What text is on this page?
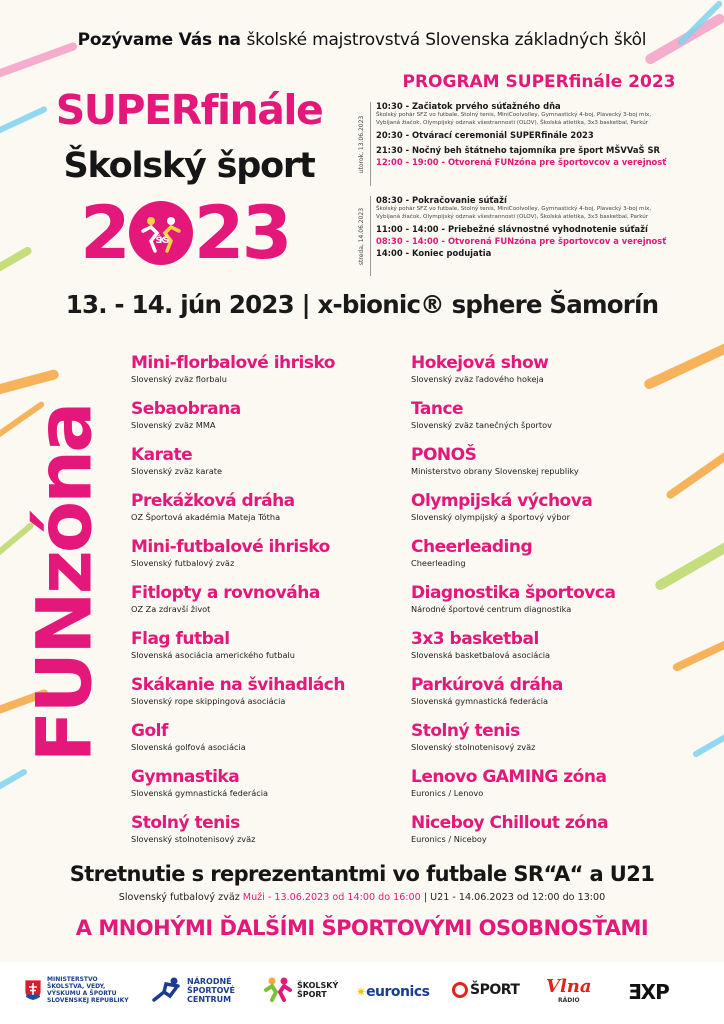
Pozývame Vás na školské majstrovstvá Slovenska základných škôl
SUPERfinále
Školský šport
2	ŠKŠ 23
PROGRAM SUPERfinále 2023
utorok, 13.06.2023
10:30 - Začiatok prvého súťažného dňa
Školský pohár SFZ vo futbale, Stolný tenis, MiniCoolvolley, Gymnastický 4-boj, Plavecký 3-boj mix,
Vybíjaná žiačok, Olympijský odznak všestrannosti (OLOV), Školská atletika, 3x3 basketbal, Parkúr
20:30 - Otvárací ceremoniál SUPERfinále 2023
21:30 - Nočný beh štátneho tajomníka pre šport MŠVVaŠ SR
12:00 - 19:00 - Otvorená FUNzóna pre športovcov a verejnosť
streda, 14.06.2023
08:30 - Pokračovanie súťaží
Školský pohár SFZ vo futbale, Stolný tenis, MiniCoolvolley, Gymnastický 4-boj, Plavecký 3-boj mix,
Vybíjaná žiačok, Olympijský odznak všestrannosti (OLOV), Školská atletika, 3x3 basketbal, Parkúr
11:00 - 14:00 - Priebežné slávnostné vyhodnotenie súťaží
08:30 - 14:00 - Otvorená FUNzóna pre športovcov a verejnosť
14:00 - Koniec podujatia
13. - 14. jún 2023 | x-bionic® sphere Šamorín
FUNzóna
Mini-florbalové ihrisko
Slovenský zväz florbalu
Sebaobrana
Slovenský zväz MMA
Karate
Slovenský zväz karate
Prekážková dráha
OZ Športová akadémia Mateja Tótha
Mini-futbalové ihrisko
Slovenský futbalový zväz
Fitlopty a rovnováha
OZ Za zdravší život
Flag futbal
Slovenská asociácia amerického futbalu
Skákanie na švihadlách
Slovenský rope skippingová asociácia
Golf
Slovenská golfová asociácia
Gymnastika
Slovenská gymnastická federácia
Stolný tenis
Slovenský stolnotenisový zväz
Hokejová show
Slovenský zväz ľadového hokeja
Tance
Slovenský zväz tanečných športov
PONOŠ
Ministerstvo obrany Slovenskej republiky
Olympijská výchova
Slovenský olympijský a športový výbor
Cheerleading
Cheerleading
Diagnostika športovca
Národné športové centrum diagnostika
3x3 basketbal
Slovenská basketbalová asociácia
Parkúrová dráha
Slovenská gymnastická federácia
Stolný tenis
Slovenský stolnotenisový zväz
Lenovo GAMING zóna
Euronics / Lenovo
Niceboy Chillout zóna
Euronics / Niceboy
Stretnutie s reprezentantmi vo futbale SR“A“ a U21
Slovenský futbalový zväz Muži - 13.06.2023 od 14:00 do 16:00 | U21 - 14.06.2023 od 12:00 do 13:00
A MNOHÝMI ĎALŠÍMI ŠPORTOVÝMI OSOBNOSŤAMI
MINISTERSTVO
ŠKOLSTVA, VEDY,
VÝSKUMU A ŠPORTU
SLOVENSKEJ REPUBLIKY
NÁRODNÉ
ŠPORTOVÉ
CENTRUM
ŠKOLSKÝ
ŠPORT	✷ euronics	ŠPORT Vlna
RÁDIO ƎXP
